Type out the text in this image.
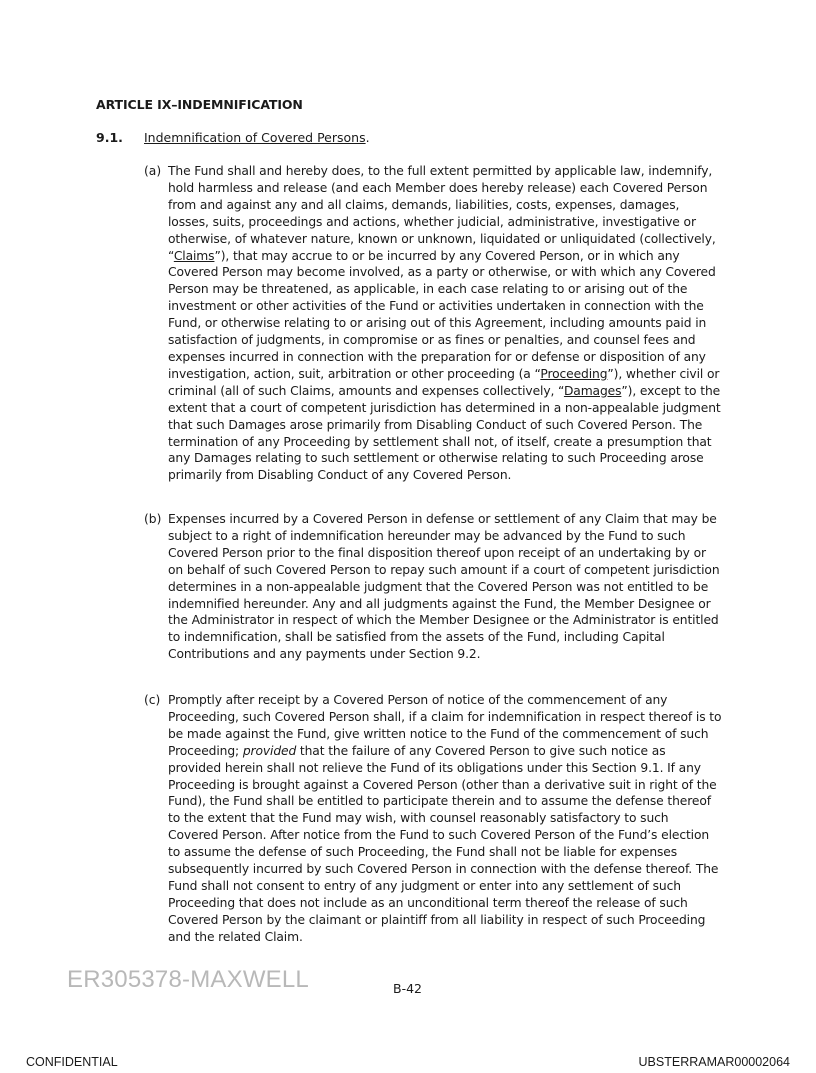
ARTICLE IX–INDEMNIFICATION
9.1. Indemnification of Covered Persons.
(a) The Fund shall and hereby does, to the full extent permitted by applicable law, indemnify, hold harmless and release (and each Member does hereby release) each Covered Person from and against any and all claims, demands, liabilities, costs, expenses, damages, losses, suits, proceedings and actions, whether judicial, administrative, investigative or otherwise, of whatever nature, known or unknown, liquidated or unliquidated (collectively, “Claims”), that may accrue to or be incurred by any Covered Person, or in which any Covered Person may become involved, as a party or otherwise, or with which any Covered Person may be threatened, as applicable, in each case relating to or arising out of the investment or other activities of the Fund or activities undertaken in connection with the Fund, or otherwise relating to or arising out of this Agreement, including amounts paid in satisfaction of judgments, in compromise or as fines or penalties, and counsel fees and expenses incurred in connection with the preparation for or defense or disposition of any investigation, action, suit, arbitration or other proceeding (a “Proceeding”), whether civil or criminal (all of such Claims, amounts and expenses collectively, “Damages”), except to the extent that a court of competent jurisdiction has determined in a non-appealable judgment that such Damages arose primarily from Disabling Conduct of such Covered Person. The termination of any Proceeding by settlement shall not, of itself, create a presumption that any Damages relating to such settlement or otherwise relating to such Proceeding arose primarily from Disabling Conduct of any Covered Person.
(b) Expenses incurred by a Covered Person in defense or settlement of any Claim that may be subject to a right of indemnification hereunder may be advanced by the Fund to such Covered Person prior to the final disposition thereof upon receipt of an undertaking by or on behalf of such Covered Person to repay such amount if a court of competent jurisdiction determines in a non-appealable judgment that the Covered Person was not entitled to be indemnified hereunder. Any and all judgments against the Fund, the Member Designee or the Administrator in respect of which the Member Designee or the Administrator is entitled to indemnification, shall be satisfied from the assets of the Fund, including Capital Contributions and any payments under Section 9.2.
(c) Promptly after receipt by a Covered Person of notice of the commencement of any Proceeding, such Covered Person shall, if a claim for indemnification in respect thereof is to be made against the Fund, give written notice to the Fund of the commencement of such Proceeding; provided that the failure of any Covered Person to give such notice as provided herein shall not relieve the Fund of its obligations under this Section 9.1. If any Proceeding is brought against a Covered Person (other than a derivative suit in right of the Fund), the Fund shall be entitled to participate therein and to assume the defense thereof to the extent that the Fund may wish, with counsel reasonably satisfactory to such Covered Person. After notice from the Fund to such Covered Person of the Fund’s election to assume the defense of such Proceeding, the Fund shall not be liable for expenses subsequently incurred by such Covered Person in connection with the defense thereof. The Fund shall not consent to entry of any judgment or enter into any settlement of such Proceeding that does not include as an unconditional term thereof the release of such Covered Person by the claimant or plaintiff from all liability in respect of such Proceeding and the related Claim.
ER305378-MAXWELL	B-42
CONFIDENTIAL	UBSTERRAMAR00002064
